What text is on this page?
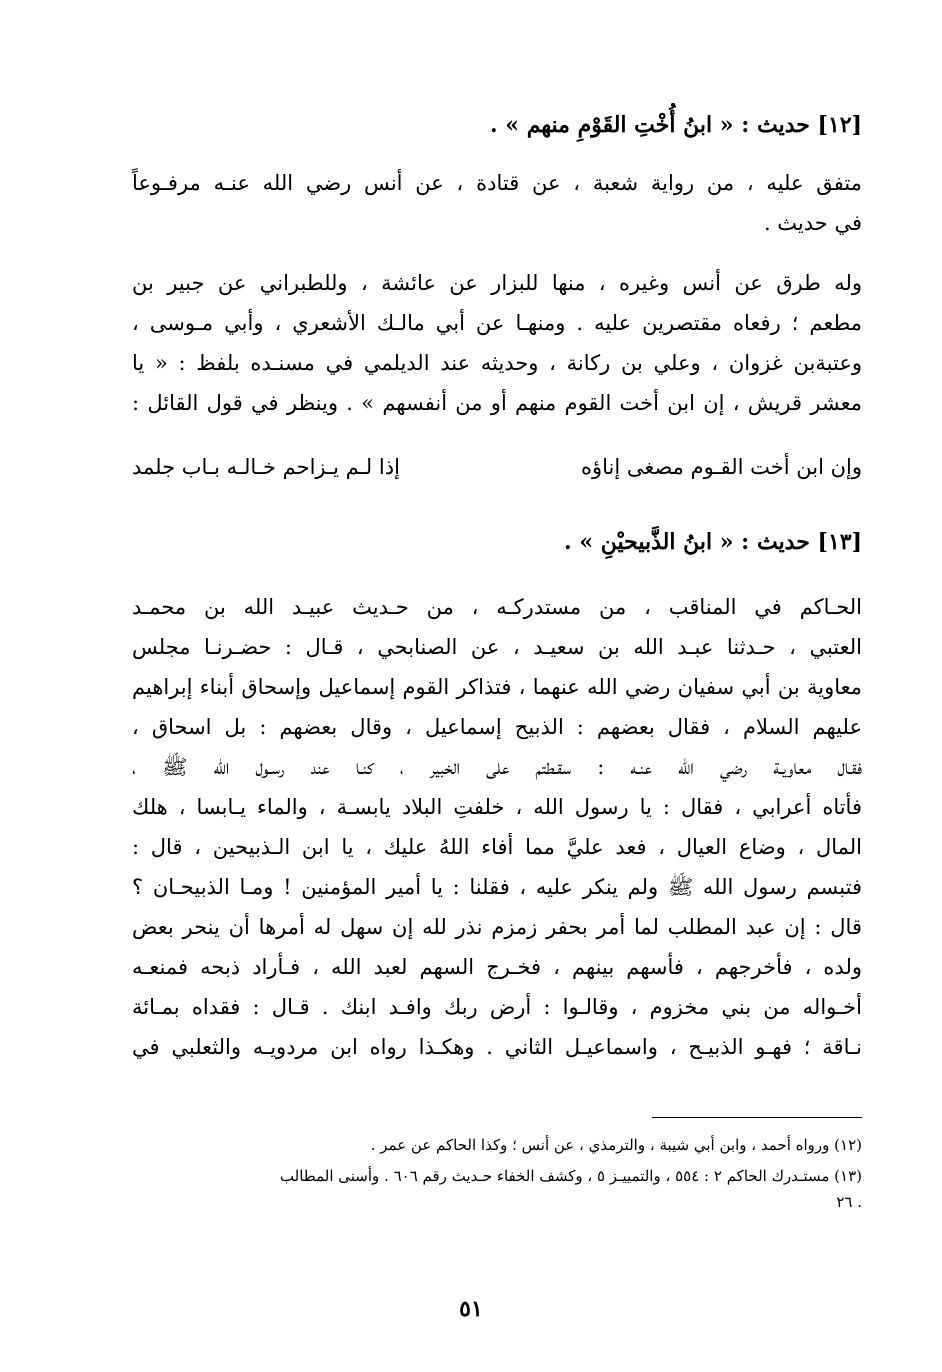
[١٢] حديث : « ابنُ أُخْتِ القَوْمِ منهم » .
متفق عليه ، من رواية شعبة ، عن قتادة ، عن أنس رضي الله عنـه مرفـوعاً
في حديث .
وله طرق عن أنس وغيره ، منها للبزار عن عائشة ، وللطبراني عن جبير بن
مطعم ؛ رفعاه مقتصرين عليه . ومنهـا عن أبي مالـك الأشعري ، وأبي مـوسى ،
وعتبةبن غزوان ، وعلي بن ركانة ، وحديثه عند الديلمي في مسنـده بلفظ : « يا
معشر قريش ، إن ابن أخت القوم منهم أو من أنفسهم » . وينظر في قول القائل :
وإن ابن أخت القـوم مصغى إناؤه
إذا لـم يـزاحم خـالـه بـاب جلمد
[١٣] حديث : « ابنُ الذَّبيحيْنِ » .
الحـاكم في المناقب ، من مستدركـه ، من حـديث عبيـد الله بن محمـد
العتبي ، حـدثنا عبـد الله بن سعيـد ، عن الصنابحي ، قـال : حضـرنـا مجلس
معاوية بن أبي سفيان رضي الله عنهما ، فتذاكر القوم إسماعيل وإسحاق أبناء إبراهيم
عليهم السلام ، فقال بعضهم : الذبيح إسماعيل ، وقال بعضهم : بل اسحاق ،
فقـال معاويـة رضي الله عنـه : سقـطتم على الخبير ، كنـا عند رسـول الله ﷺ ،
فأتاه أعرابي ، فقال : يا رسول الله ، خلفتِ البلاد يابسـة ، والماء يـابسا ، هلك
المال ، وضاع العيال ، فعد عليَّ مما أفاء اللهُ عليك ، يا ابن الـذبيحين ، قال :
فتبسم رسول الله ﷺ ولم ينكر عليه ، فقلنا : يا أمير المؤمنين ! ومـا الذبيحـان ؟
قال : إن عبد المطلب لما أمر بحفر زمزم نذر لله إن سهل له أمرها أن ينحر بعض
ولده ، فأخرجهم ، فأسهم بينهم ، فخـرج السهم لعبد الله ، فـأراد ذبحه فمنعـه
أخـواله من بني مخزوم ، وقالـوا : أرض ربك وافـد ابنك . قـال : فقداه بمـائة
نـاقة ؛ فهـو الذبيـح ، واسماعيـل الثاني . وهكـذا رواه ابن مردويـه والثعلبي في
(١٢) ورواه أحمد ، وابن أبي شيبة ، والترمذي ، عن أنس ؛ وكذا الحاكم عن عمر .
(١٣) مستـدرك الحاكم ٢ : ٥٥٤ ، والتمييـز ٥ ، وكشف الخفاء حـديث رقم ٦٠٦ . وأسنى المطالب
. ٢٦
٥١
